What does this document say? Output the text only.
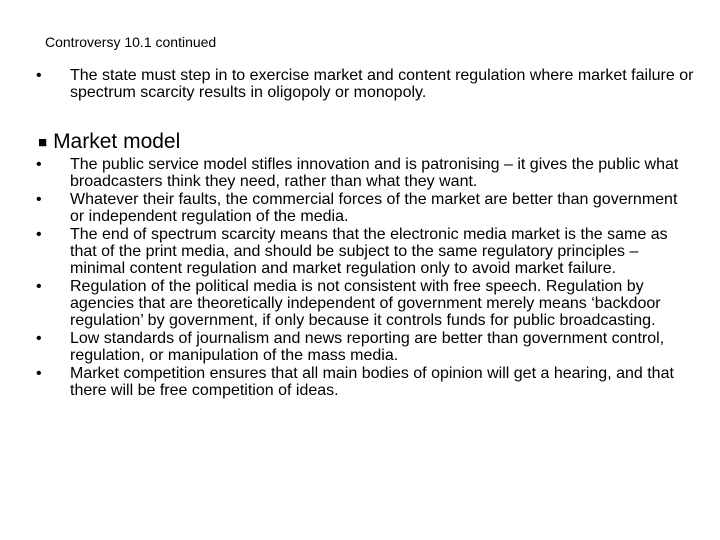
Controversy 10.1 continued
•	The state must step in to exercise market and content regulation where market failure or spectrum scarcity results in oligopoly or monopoly.
■ Market model
•	The public service model stifles innovation and is patronising – it gives the public what broadcasters think they need, rather than what they want.
•	Whatever their faults, the commercial forces of the market are better than government or independent regulation of the media.
•	The end of spectrum scarcity means that the electronic media market is the same as that of the print media, and should be subject to the same regulatory principles – minimal content regulation and market regulation only to avoid market failure.
•	Regulation of the political media is not consistent with free speech. Regulation by agencies that are theoretically independent of government merely means ‘backdoor regulation’ by government, if only because it controls funds for public broadcasting.
•	Low standards of journalism and news reporting are better than government control, regulation, or manipulation of the mass media.
•	Market competition ensures that all main bodies of opinion will get a hearing, and that there will be free competition of ideas.
